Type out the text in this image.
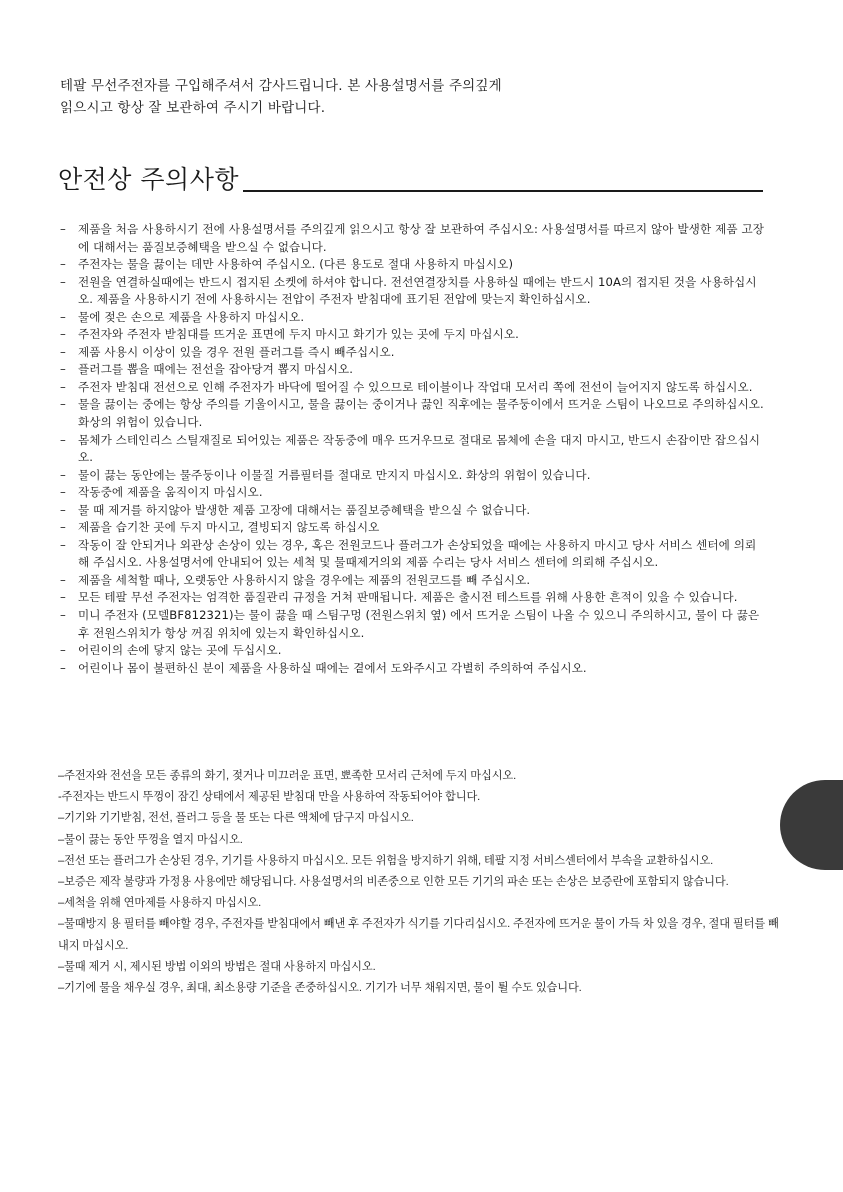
테팔 무선주전자를 구입해주셔서 감사드립니다. 본 사용설명서를 주의깊게

읽으시고 항상 잘 보관하여 주시기 바랍니다.

안전상 주의사항
– 제품을 처음 사용하시기 전에 사용설명서를 주의깊게 읽으시고 항상 잘 보관하여 주십시오: 사용설명서를 따르지 않아 발생한 제품 고장에 대해서는 품질보증혜택을 받으실 수 없습니다.
– 주전자는 물을 끓이는 데만 사용하여 주십시오. (다른 용도로 절대 사용하지 마십시오)
– 전원을 연결하실때에는 반드시 접지된 소켓에 하셔야 합니다. 전선연결장치를 사용하실 때에는 반드시 10A의 접지된 것을 사용하십시오. 제품을 사용하시기 전에 사용하시는 전압이 주전자 받침대에 표기된 전압에 맞는지 확인하십시오.
– 물에 젖은 손으로 제품을 사용하지 마십시오.
– 주전자와 주전자 받침대를 뜨거운 표면에 두지 마시고 화기가 있는 곳에 두지 마십시오.
– 제품 사용시 이상이 있을 경우 전원 플러그를 즉시 빼주십시오.
– 플러그를 뽑을 때에는 전선을 잡아당겨 뽑지 마십시오.
– 주전자 받침대 전선으로 인해 주전자가 바닥에 떨어질 수 있으므로 테이블이나 작업대 모서리 쪽에 전선이 늘어지지 않도록 하십시오.
– 물을 끓이는 중에는 항상 주의를 기울이시고, 물을 끓이는 중이거나 끓인 직후에는 물주둥이에서 뜨거운 스팀이 나오므로 주의하십시오. 화상의 위험이 있습니다.
– 몸체가 스테인리스 스틸재질로 되어있는 제품은 작동중에 매우 뜨거우므로 절대로 몸체에 손을 대지 마시고, 반드시 손잡이만 잡으십시오.
– 물이 끓는 동안에는 물주둥이나 이물질 거름필터를 절대로 만지지 마십시오. 화상의 위험이 있습니다.
– 작동중에 제품을 움직이지 마십시오.
– 물 때 제거를 하지않아 발생한 제품 고장에 대해서는 품질보증혜택을 받으실 수 없습니다.
– 제품을 습기찬 곳에 두지 마시고, 결빙되지 않도록 하십시오
– 작동이 잘 안되거나 외관상 손상이 있는 경우, 혹은 전원코드나 플러그가 손상되었을 때에는 사용하지 마시고 당사 서비스 센터에 의뢰해 주십시오. 사용설명서에 안내되어 있는 세척 및 물때제거의외 제품 수리는 당사 서비스 센터에 의뢰해 주십시오.
– 제품을 세척할 때나, 오랫동안 사용하시지 않을 경우에는 제품의 전원코드를 빼 주십시오.
– 모든 테팔 무선 주전자는 엄격한 품질관리 규정을 거쳐 판매됩니다. 제품은 출시전 테스트를 위해 사용한 흔적이 있을 수 있습니다.
– 미니 주전자 (모델BF812321)는 물이 끓을 때 스팀구멍 (전원스위치 옆) 에서 뜨거운 스팀이 나올 수 있으니 주의하시고, 물이 다 끓은 후 전원스위치가 항상 꺼짐 위치에 있는지 확인하십시오.
– 어린이의 손에 닿지 않는 곳에 두십시오.
– 어린이나 몸이 불편하신 분이 제품을 사용하실 때에는 곁에서 도와주시고 각별히 주의하여 주십시오.
–주전자와 전선을 모든 종류의 화기, 젖거나 미끄러운 표면, 뾰족한 모서리 근처에 두지 마십시오.
-주전자는 반드시 뚜껑이 잠긴 상태에서 제공된 받침대 만을 사용하여 작동되어야 합니다.
–기기와 기기받침, 전선, 플러그 등을 물 또는 다른 액체에 담구지 마십시오.
–물이 끓는 동안 뚜껑을 열지 마십시오.
–전선 또는 플러그가 손상된 경우, 기기를 사용하지 마십시오. 모든 위험을 방지하기 위해, 테팔 지정 서비스센터에서 부속을 교환하십시오.
–보증은 제작 불량과 가정용 사용에만 해당됩니다. 사용설명서의 비존중으로 인한 모든 기기의 파손 또는 손상은 보증란에 포함되지 않습니다.
–세척을 위해 연마제를 사용하지 마십시오.
–물때방지 용 필터를 빼야할 경우, 주전자를 받침대에서 빼낸 후 주전자가 식기를 기다리십시오. 주전자에 뜨거운 물이 가득 차 있을 경우, 절대 필터를 빼내지 마십시오.
–물때 제거 시, 제시된 방법 이외의 방법은 절대 사용하지 마십시오.
–기기에 물을 채우실 경우, 최대, 최소용량 기준을 존중하십시오. 기기가 너무 채워지면, 물이 튈 수도 있습니다.
